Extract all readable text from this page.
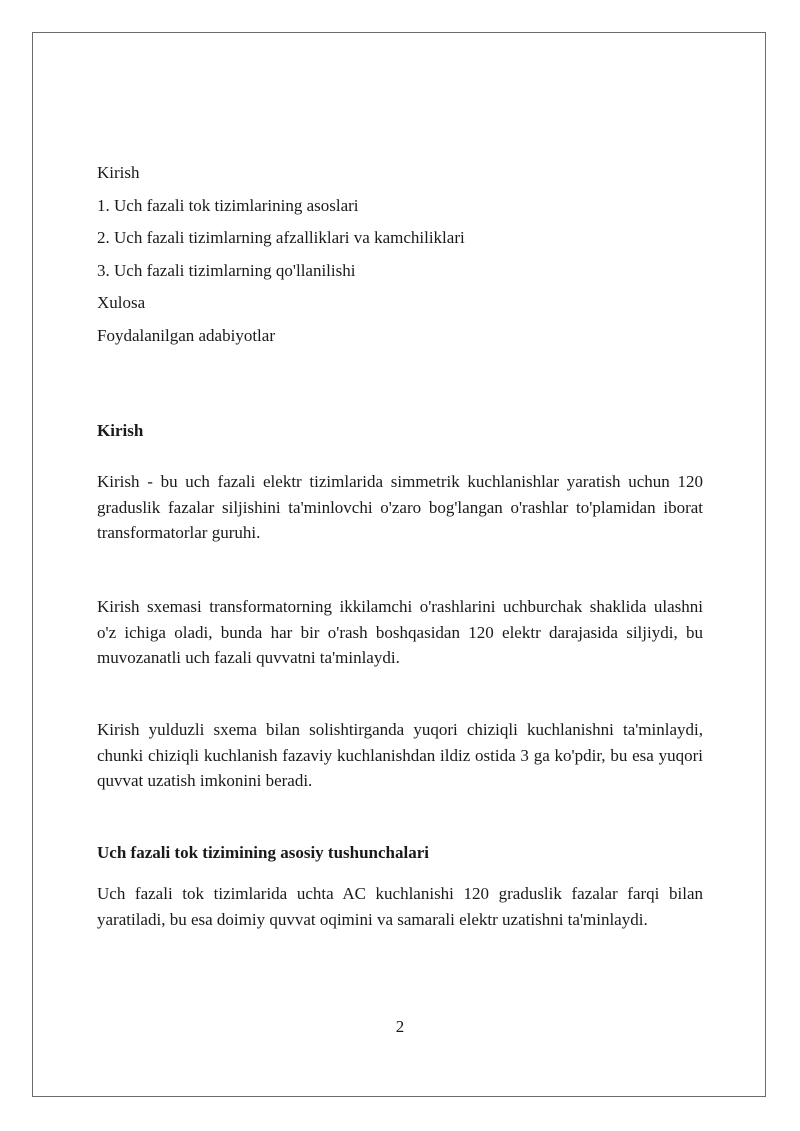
Kirish
1. Uch fazali tok tizimlarining asoslari
2. Uch fazali tizimlarning afzalliklari va kamchiliklari
3. Uch fazali tizimlarning qo'llanilishi
Xulosa
Foydalanilgan adabiyotlar
Kirish

Kirish - bu uch fazali elektr tizimlarida simmetrik kuchlanishlar yaratish uchun 120 graduslik fazalar siljishini ta'minlovchi o'zaro bog'langan o'rashlar to'plamidan iborat transformatorlar guruhi.

Kirish sxemasi transformatorning ikkilamchi o'rashlarini uchburchak shaklida ulashni o'z ichiga oladi, bunda har bir o'rash boshqasidan 120 elektr darajasida siljiydi, bu muvozanatli uch fazali quvvatni ta'minlaydi.

Kirish yulduzli sxema bilan solishtirganda yuqori chiziqli kuchlanishni ta'minlaydi, chunki chiziqli kuchlanish fazaviy kuchlanishdan ildiz ostida 3 ga ko'pdir, bu esa yuqori quvvat uzatish imkonini beradi.

Uch fazali tok tizimining asosiy tushunchalari

Uch fazali tok tizimlarida uchta AC kuchlanishi 120 graduslik fazalar farqi bilan yaratiladi, bu esa doimiy quvvat oqimini va samarali elektr uzatishni ta'minlaydi.

2
